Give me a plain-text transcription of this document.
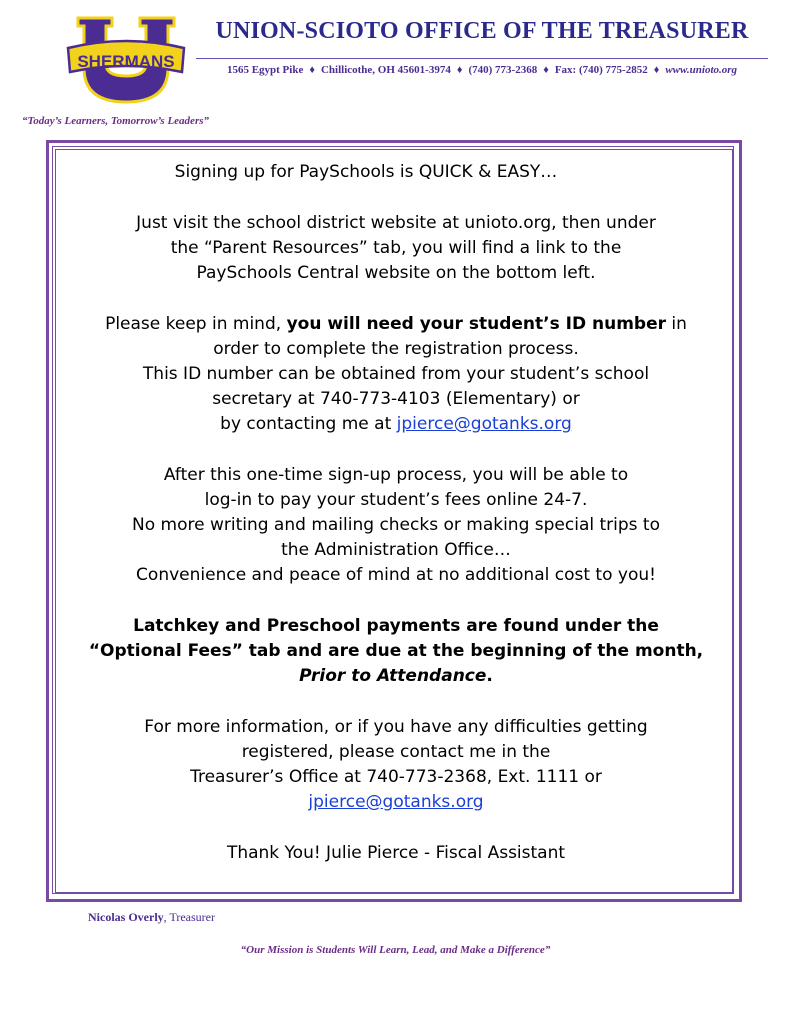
SHERMANS
UNION-SCIOTO OFFICE OF THE TREASURER
1565 Egypt Pike ♦ Chillicothe, OH 45601-3974 ♦ (740) 773-2368 ♦ Fax: (740) 775-2852 ♦ www.unioto.org
“Today’s Learners, Tomorrow’s Leaders”

Signing up for PaySchools is QUICK & EASY…

Just visit the school district website at unioto.org, then under

the “Parent Resources” tab, you will find a link to the

PaySchools Central website on the bottom left.

Please keep in mind, you will need your student’s ID number in

order to complete the registration process.

This ID number can be obtained from your student’s school

secretary at 740-773-4103 (Elementary) or

by contacting me at jpierce@gotanks.org

After this one-time sign-up process, you will be able to

log-in to pay your student’s fees online 24-7.

No more writing and mailing checks or making special trips to

the Administration Office…

Convenience and peace of mind at no additional cost to you!

Latchkey and Preschool payments are found under the

“Optional Fees” tab and are due at the beginning of the month,

Prior to Attendance.

For more information, or if you have any difficulties getting

registered, please contact me in the

Treasurer’s Office at 740-773-2368, Ext. 1111 or

jpierce@gotanks.org

Thank You! Julie Pierce - Fiscal Assistant

Nicolas Overly, Treasurer
“Our Mission is Students Will Learn, Lead, and Make a Difference”
